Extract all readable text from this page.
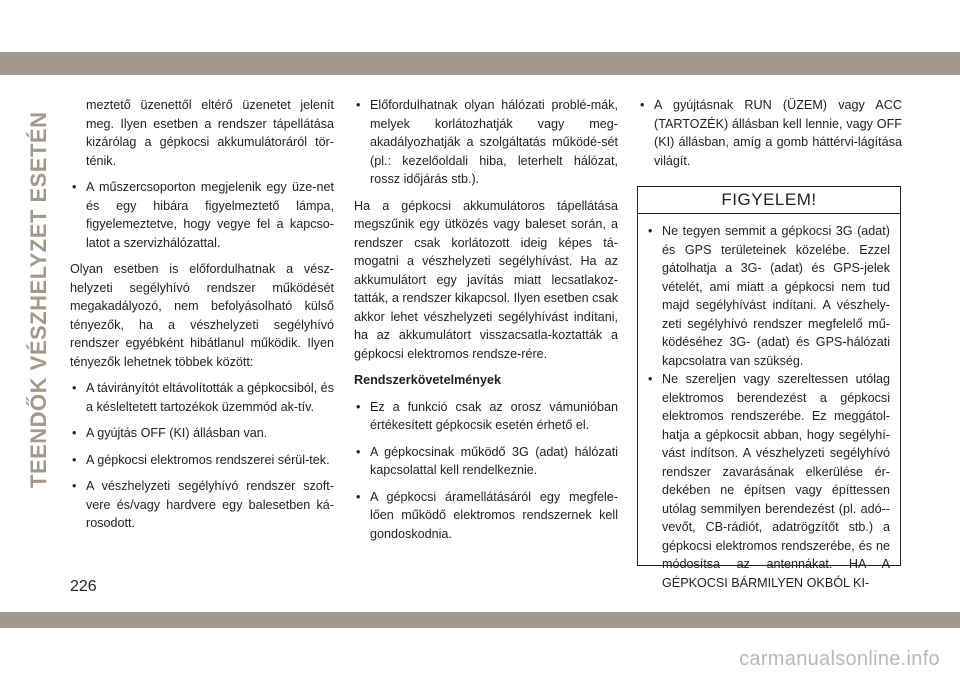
TEENDŐK VÉSZHELYZET ESETÉN

meztető üzenettől eltérő üzenetet jelenít meg. Ilyen esetben a rendszer tápellátása kizárólag a gépkocsi akkumulátoráról tör-ténik.

• A műszercsoporton megjelenik egy üze-net és egy hibára figyelmeztető lámpa, figyelemeztetve, hogy vegye fel a kapcso-latot a szervizhálózattal.

Olyan esetben is előfordulhatnak a vész-helyzeti segélyhívó rendszer működését megakadályozó, nem befolyásolható külső tényezők, ha a vészhelyzeti segélyhívó rendszer egyébként hibátlanul működik. Ilyen tényezők lehetnek többek között:

• A távirányítót eltávolították a gépkocsiból, és a késleltetett tartozékok üzemmód ak-tív.

• A gyújtás OFF (KI) állásban van.

• A gépkocsi elektromos rendszerei sérül-tek.

• A vészhelyzeti segélyhívó rendszer szoft-vere és/vagy hardvere egy balesetben ká-rosodott.

• Előfordulhatnak olyan hálózati problé-mák, melyek korlátozhatják vagy meg-akadályozhatják a szolgáltatás működé-sét (pl.: kezelőoldali hiba, leterhelt hálózat, rossz időjárás stb.).

Ha a gépkocsi akkumulátoros tápellátása megszűnik egy ütközés vagy baleset során, a rendszer csak korlátozott ideig képes tá-mogatni a vészhelyzeti segélyhívást. Ha az akkumulátort egy javítás miatt lecsatlakoz-tatták, a rendszer kikapcsol. Ilyen esetben csak akkor lehet vészhelyzeti segélyhívást indítani, ha az akkumulátort visszacsatla-koztatták a gépkocsi elektromos rendsze-rére.

Rendszerkövetelmények

• Ez a funkció csak az orosz vámunióban értékesített gépkocsik esetén érhető el.

• A gépkocsinak működő 3G (adat) hálózati kapcsolattal kell rendelkeznie.

• A gépkocsi áramellátásáról egy megfele-lően működő elektromos rendszernek kell gondoskodnia.

• A gyújtásnak RUN (ÜZEM) vagy ACC (TARTOZÉK) állásban kell lennie, vagy OFF (KI) állásban, amíg a gomb háttérvi-lágítása világít.

FIGYELEM!

• Ne tegyen semmit a gépkocsi 3G (adat) és GPS területeinek közelébe. Ezzel gátolhatja a 3G- (adat) és GPS-jelek vételét, ami miatt a gépkocsi nem tud majd segélyhívást indítani. A vészhely-zeti segélyhívó rendszer megfelelő mű-ködéséhez 3G- (adat) és GPS-hálózati kapcsolatra van szükség.

• Ne szereljen vagy szereltessen utólag elektromos berendezést a gépkocsi elektromos rendszerébe. Ez meggátol-hatja a gépkocsit abban, hogy segélyhí-vást indítson. A vészhelyzeti segélyhívó rendszer zavarásának elkerülése ér-dekében ne építsen vagy építtessen utólag semmilyen berendezést (pl. adó--vevőt, CB-rádiót, adatrögzítőt stb.) a gépkocsi elektromos rendszerébe, és ne módosítsa az antennákat. HA A GÉPKOCSI BÁRMILYEN OKBÓL KI-

226
carmanualsonline.info
